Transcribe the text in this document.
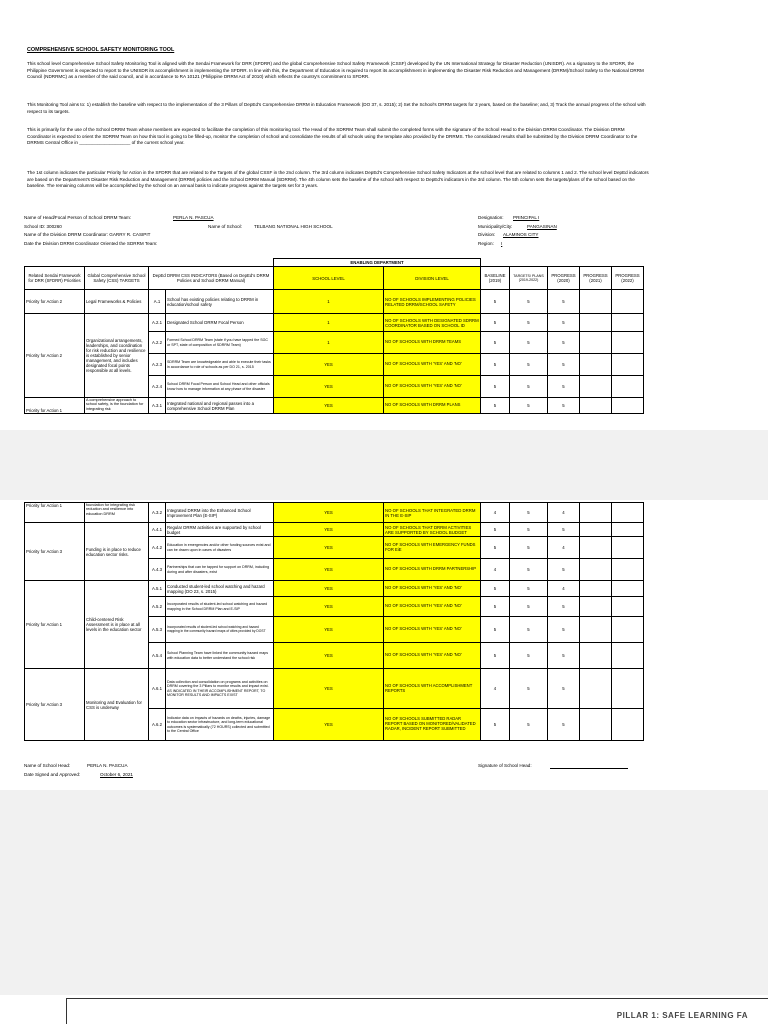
COMPREHENSIVE SCHOOL SAFETY MONITORING TOOL
This school level Comprehensive School Safety Monitoring Tool is aligned with the Sendai Framework for DRR (SFDRR) and the global Comprehensive School Safety Framework (CSSF) developed by the UN International Strategy for Disaster Reduction (UNISDR). As a signatory to the SFDRR, the Philippine Government is expected to report to the UNISDR its accomplishment in implementing the SFDRR. In line with this, the Department of Education is required to report its accomplishment in implementing the Disaster Risk Reduction and Management (DRRM)/School Safety to the National DRRM Council (NDRRMC) as a member of the said council, and in accordance to RA 10121 (Philippine DRRM Act of 2010) which reflects the country's commitment to SFDRR.
This Monitoring Tool aims to: 1) establish the baseline with respect to the implementation of the 3 Pillars of DepEd's Comprehensive DRRM in Education Framework (DO 37, s. 2015); 2) Set the School's DRRM targets for 3 years, based on the baseline; and, 3) Track the annual progress of the school with respect to its targets.
This is primarily for the use of the School DRRM Team whose members are expected to facilitate the completion of this monitoring tool. The Head of the SDRRM Team shall submit the completed forms with the signature of the School Head to the Division DRRM Coordinator. The Division DRRM Coordinator is expected to orient the SDRRM Team on how this tool is going to be filled-up, monitor the completion of school and consolidate the results of all schools using the template also provided by the DRRMS. The consolidated results shall be submitted by the Division DRRM Coordinator to the DRRMS Central Office in ____________________ of the current school year.
The 1st column indicates the particular Priority for Action in the SFDRR that are related to the Targets of the global CSSF in the 2nd column. The 3rd column indicates DepEd's Comprehensive School Safety Indicators at the school level that are related to columns 1 and 2. The school level DepEd indicators are based on the Department's Disaster Risk Reduction and Management (DRRM) policies and the School DRRM Manual (SDRRM). The 4th column sets the baseline of the school with respect to DepEd's indicators in the 3rd column. The 5th column sets the targets/plans of the school based on the baseline. The remaining columns will be accomplished by the school on an annual basis to indicate progress against the targets set for 3 years.
Name of Head/Focal Person of School DRRM Team:	PERLA N. PASCUA
School ID: 300260	Name of School:	TELBANG NATIONAL HIGH SCHOOL
Name of the Division DRRM Coordinator: GARRY R. CASIPIT
Date the Division DRRM Coordinator Oriented the SDRRM Team:
Designation: PRINCIPAL I
Municipality/City:	PANGASINAN
Division: ALAMINOS CITY
Region: I
				ENABLING DEPARTMENT						
Related Sendai Framework for DRR (SFDRR) Priorities	Global Comprehensive School Safety (CSS) TARGETS	DepEd DRRM CSS INDICATORS (Based on DepEd's DRRM Policies and School DRRM Manual)		SCHOOL LEVEL	DIVISION LEVEL	BASELINE (2019)	TARGETS/ PLANS (2019-2022)	PROGRESS (2020)	PROGRESS (2021)	PROGRESS (2022)
Priority for Action 2	Legal Frameworks & Policies	A.1	School has existing policies relating to DRRM in education/school safety	1	NO OF SCHOOLS IMPLEMENTING POLICIES RELATED DRRM/SCHOOL SAFETY	5	5	5		
Priority for Action 2	Organizational arrangements, leaderships, and coordination for risk reduction and resilience is established by senior management, and includes designated focal points responsible at all levels.	A.2.1	Designated School DRRM Focal Person	1	NO OF SCHOOLS WITH DESIGNATED SDRRM COORDINATOR BASED ON SCHOOL ID	5	5	5		
		A.2.2	Formed School DRRM Team (state if you have tapped the SGC or SPT, state of composition of SDRRM Team)	1	NO OF SCHOOLS WITH DRRM TEAMS	5	5	5		
		A.2.3	SDRRM Team are knowledgeable and able to execute their tasks in accordance to role of schools as per DO 21, s. 2015	YES	NO OF SCHOOLS WITH 'YES' AND 'NO'	5	5	5		
		A.2.4	School DRRM Focal Person and School Head and other officials know how to manage information at any phase of the disaster	YES	NO OF SCHOOLS WITH 'YES' AND 'NO'	5	5	5		
Priority for Action 1	A comprehensive approach to school safety, is the foundation for integrating risk	A.3.1	Integrated national and regional passes into a comprehensive School DRRM Plan	YES	NO OF SCHOOLS WITH DRRM PLANS	5	5	5		
Priority for Action 1	foundation for integrating risk reduction and resilience into education DRRM	A.3.2	Integrated DRRM into the Enhanced School Improvement Plan (E-SIP)	YES	NO OF SCHOOLS THAT INTEGRATED DRRM IN THE E-SIP	4	5	4		
Priority for Action 3	Funding is in place to reduce education sector risks.	A.4.1	Regular DRRM activities are supported by school budget	YES	NO OF SCHOOLS THAT DRRM ACTIVITIES ARE SUPPORTED BY SCHOOL BUDGET	5	5	5		
		A.4.2	Education in emergencies and/or other funding sources exist and can be drawn upon in cases of disasters	YES	NO OF SCHOOLS WITH EMERGENCY FUNDS FOR EiE	5	5	4		
		A.4.3	Partnerships that can be tapped for support on DRRM, including during and after disasters, exist	YES	NO OF SCHOOLS WITH DRRM PARTNERSHIP	4	5	5		
Priority for Action 1	Child-centered Risk Assessment is in place at all levels in the education sector	A.5.1	Conducted student-led school watching and hazard mapping (DO 23, s. 2015)	YES	NO OF SCHOOLS WITH 'YES' AND 'NO'	5	5	4		
		A.5.2	Incorporated results of student-led school watching and hazard mapping in the School DRRM Plan and E-SIP	YES	NO OF SCHOOLS WITH 'YES' AND 'NO'	5	5	5		
		A.5.3	Incorporated results of student-led school watching and hazard mapping in the community hazard maps of cities provided by DOST	YES	NO OF SCHOOLS WITH 'YES' AND 'NO'	5	5	5		
		A.5.4	School Planning Team have linked the community hazard maps with education data to better understand the school risk	YES	NO OF SCHOOLS WITH 'YES' AND 'NO'	5	5	5		
Priority for Action 3	Monitoring and Evaluation for CSS is underway	A.6.1	Data collection and consolidation on programs and activities on DRRM covering the 3 Pillars to monitor results and impact exist. AS INDICATED IN THEIR ACCOMPLISHMENT REPORT, TO MONITOR RESULTS AND IMPACTS EXIST	YES	NO OF SCHOOLS WITH ACCOMPLISHMENT REPORTS	4	5	5		
		A.6.2	Indicator data on impacts of hazards on deaths, injuries, damage to education sector infrastructure, and long-term educational outcomes is systematically (72 HOURS) collected and submitted to the Central Office	YES	NO OF SCHOOLS SUBMITTED RADAR REPORT BASED ON MONITORED/VALIDATED RADAR, INCIDENT REPORT SUBMITTED	5	5	5		
Name of School Head:	PERLA N. PASCUA
Date Signed and Approved:	October 6, 2021
Signature of School Head:
PILLAR 1: SAFE LEARNING FA
